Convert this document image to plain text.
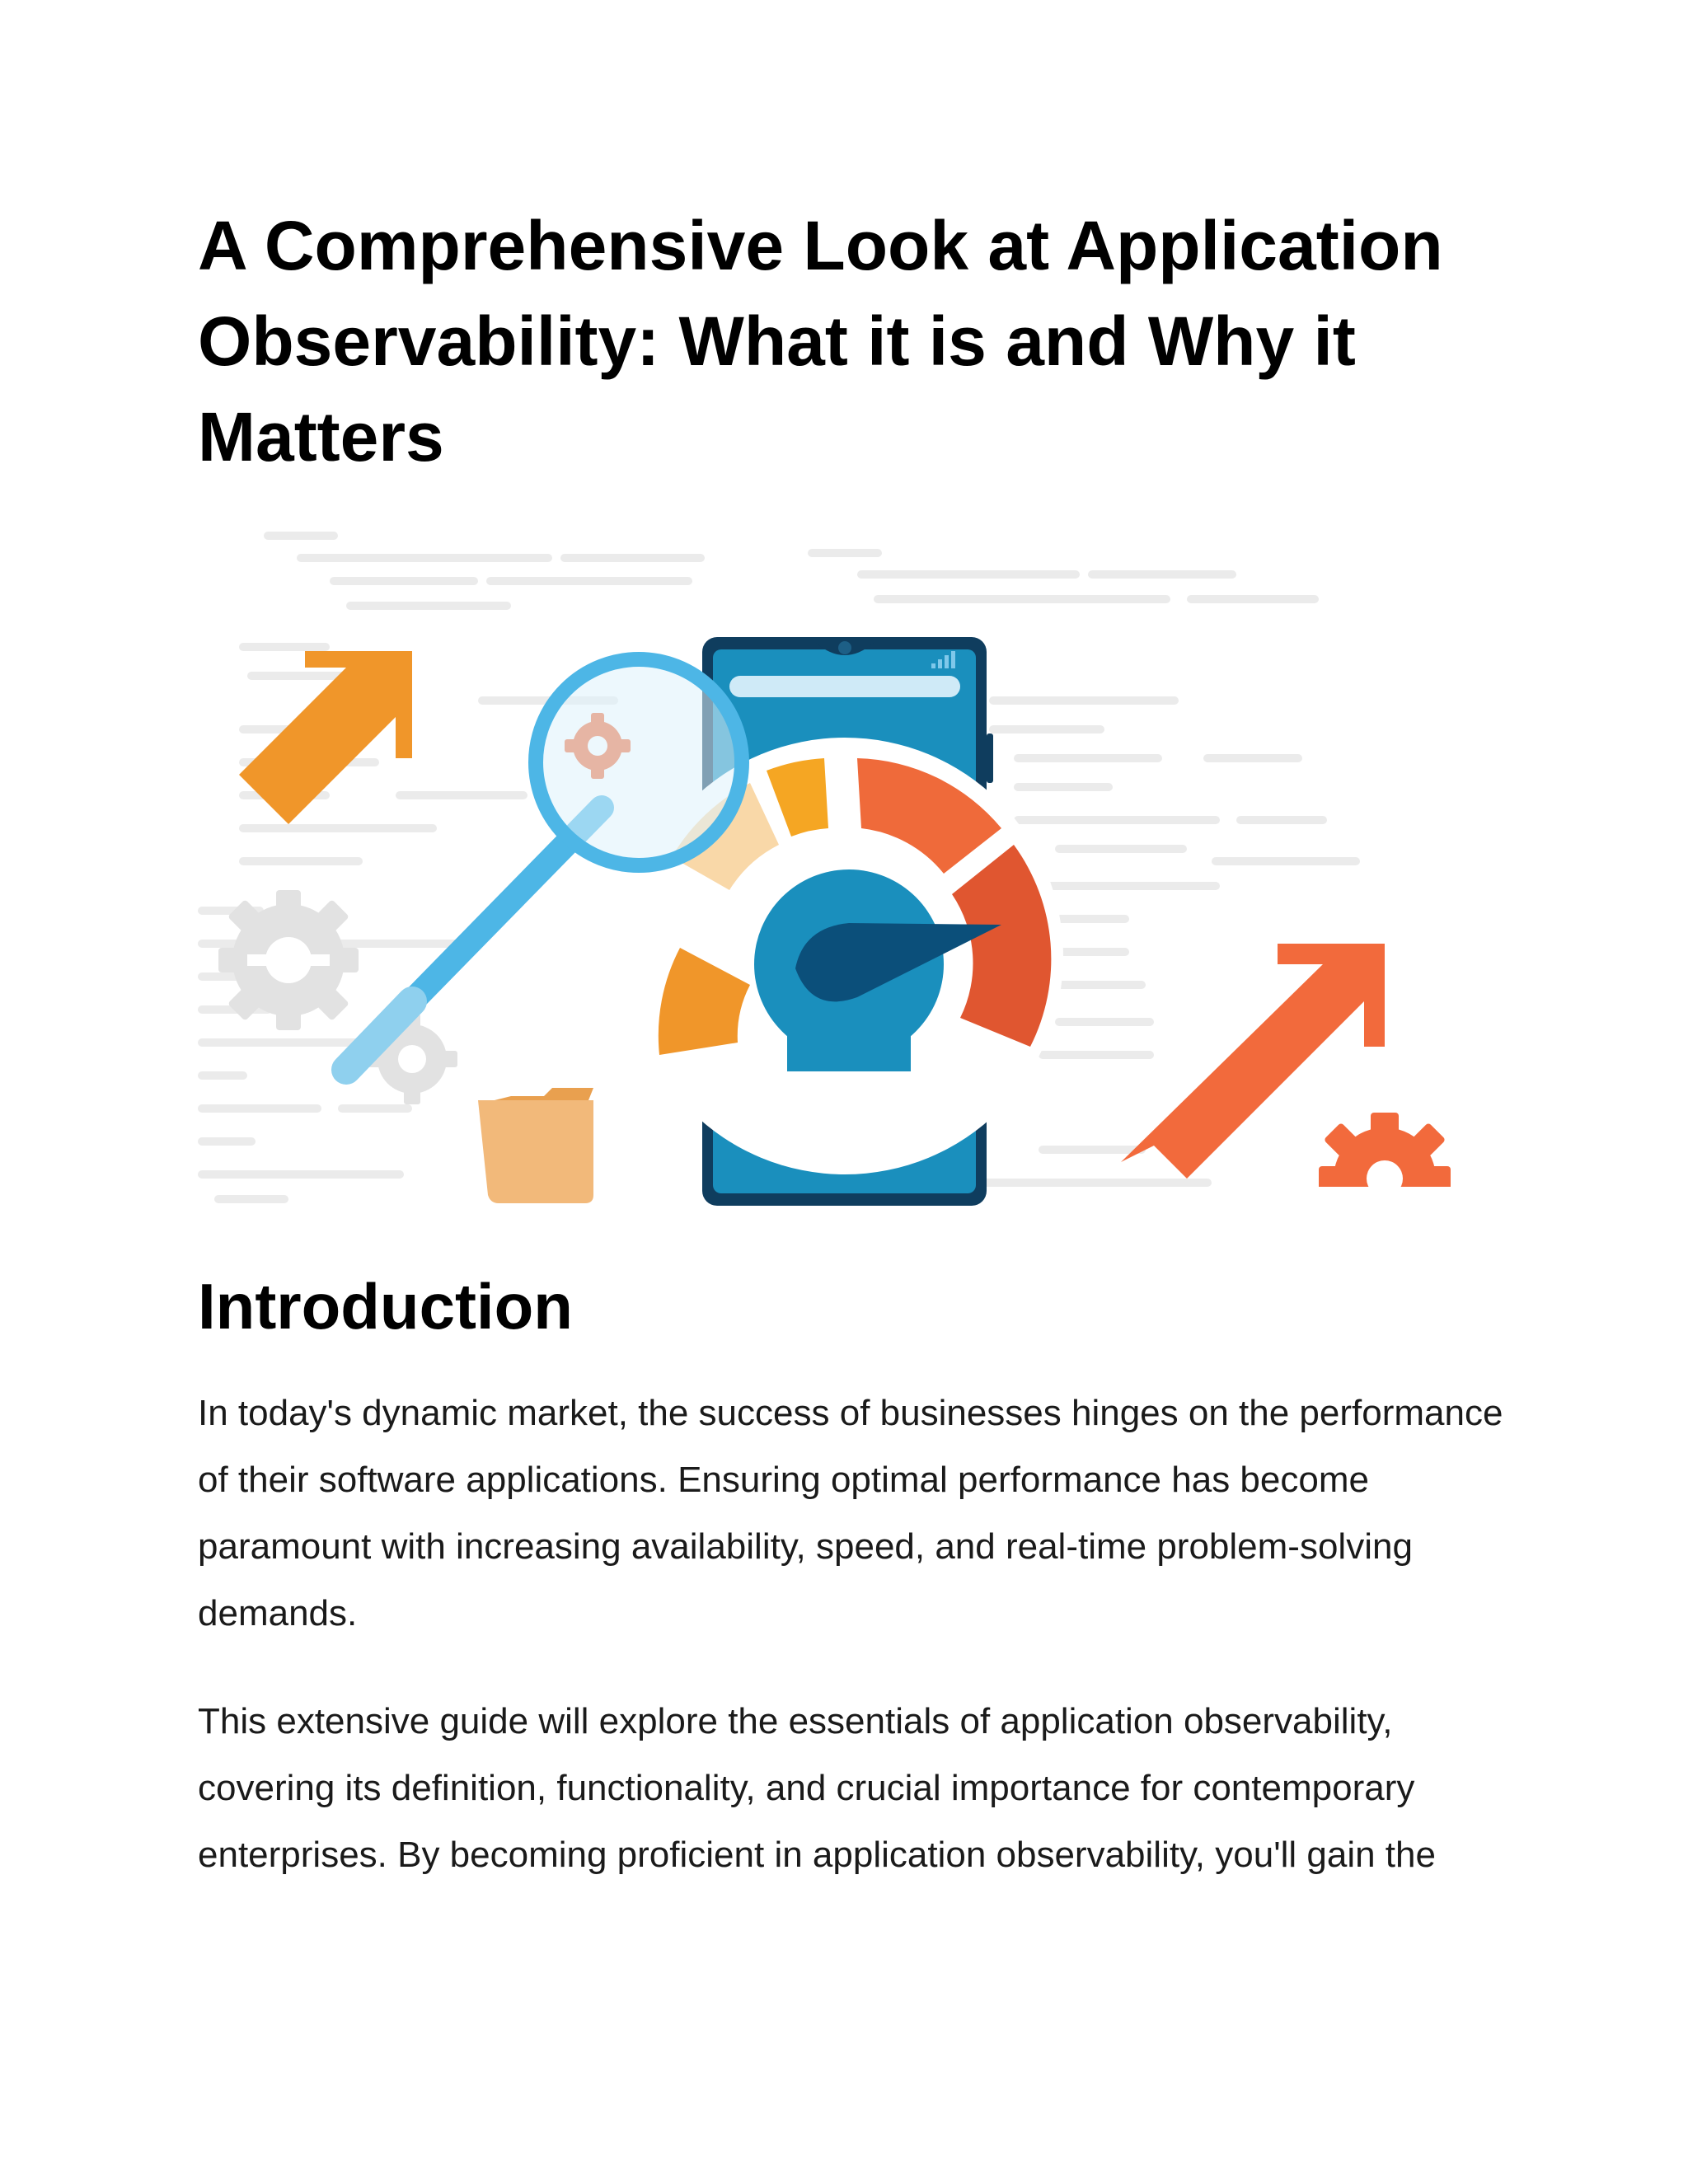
A Comprehensive Look at Application Observability: What it is and Why it Matters
Introduction

In today's dynamic market, the success of businesses hinges on the performance of their software applications. Ensuring optimal performance has become paramount with increasing availability, speed, and real-time problem-solving demands.

This extensive guide will explore the essentials of application observability, covering its definition, functionality, and crucial importance for contemporary enterprises. By becoming proficient in application observability, you'll gain the
